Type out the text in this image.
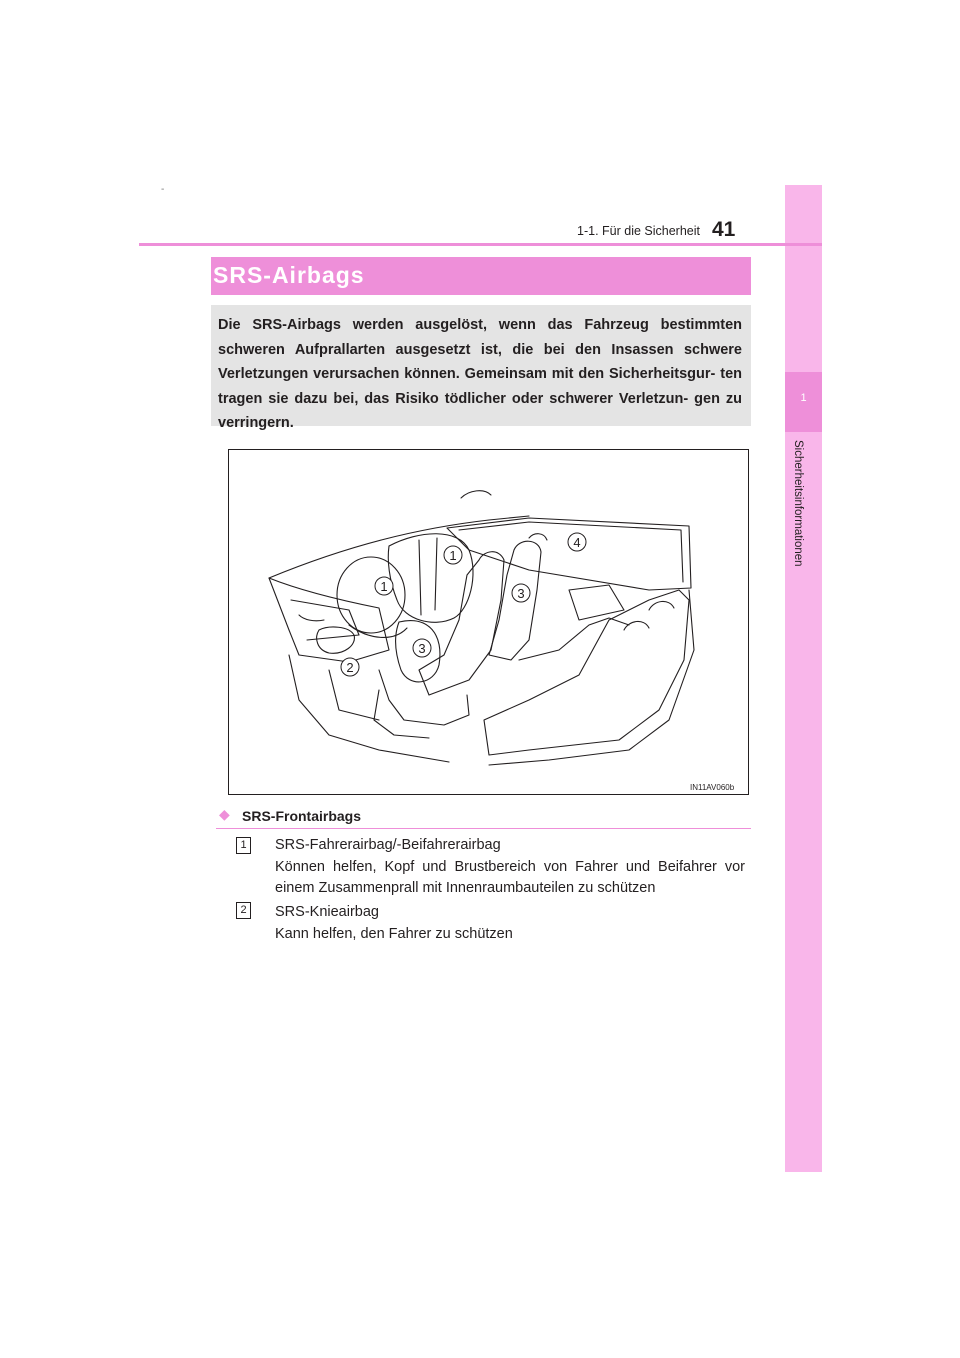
1
Sicherheitsinformationen
-
1-1. Für die Sicherheit 41
SRS-Airbags
Die SRS-Airbags werden ausgelöst, wenn das Fahrzeug bestimmten schweren Aufprallarten ausgesetzt ist, die bei den Insassen schwere Verletzungen verursachen können. Gemeinsam mit den Sicherheitsgur- ten tragen sie dazu bei, das Risiko tödlicher oder schwerer Verletzun- gen zu verringern.
1
1
2
3
3
4
IN11AV060b
◆ SRS-Frontairbags
1	SRS-Fahrerairbag/-Beifahrerairbag
Können helfen, Kopf und Brustbereich von Fahrer und Beifahrer vor einem Zusammenprall mit Innenraumbauteilen zu schützen
2	SRS-Knieairbag
Kann helfen, den Fahrer zu schützen
